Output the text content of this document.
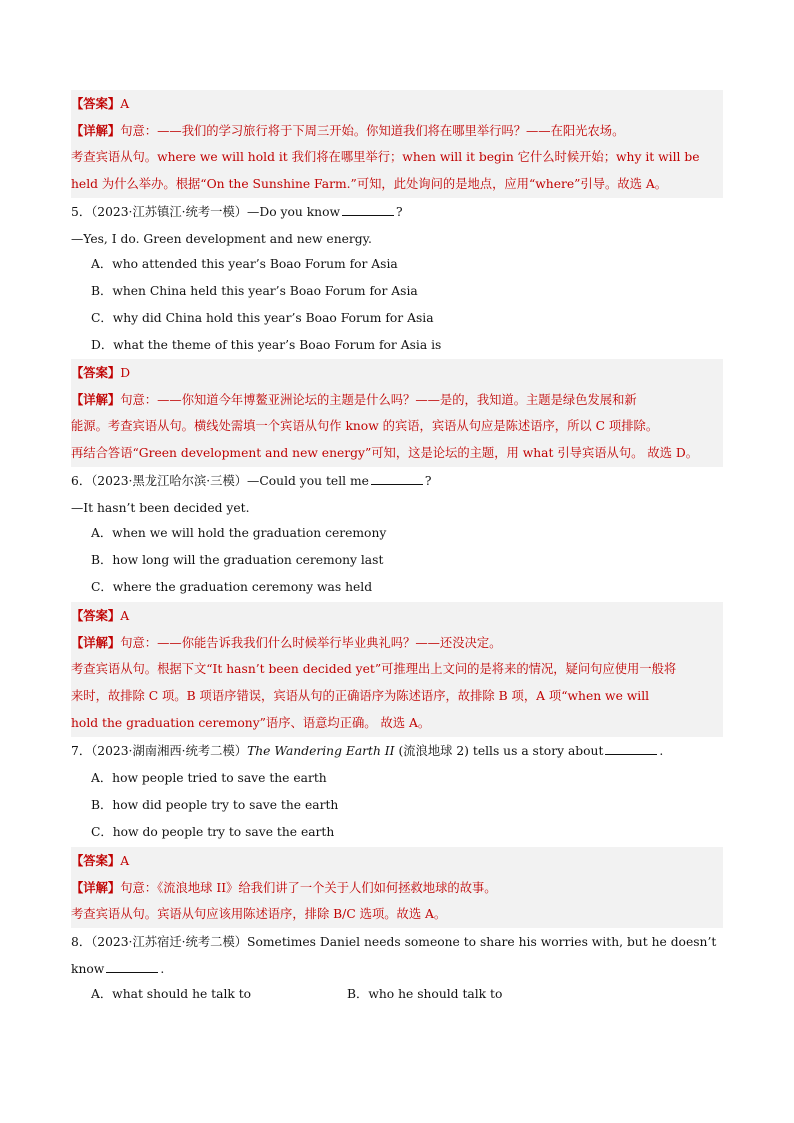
【答案】A
【详解】句意：——我们的学习旅行将于下周三开始。你知道我们将在哪里举行吗？——在阳光农场。
考查宾语从句。where we will hold it 我们将在哪里举行；when will it begin 它什么时候开始；why it will be
held 为什么举办。根据“On the Sunshine Farm.”可知，此处询问的是地点，应用“where”引导。故选 A。
5．（2023·江苏镇江·统考一模）—Do you know	?
—Yes, I do. Green development and new energy.
A．who attended this year’s Boao Forum for Asia
B．when China held this year’s Boao Forum for Asia
C．why did China hold this year’s Boao Forum for Asia
D．what the theme of this year’s Boao Forum for Asia is
【答案】D
【详解】句意：——你知道今年博鳌亚洲论坛的主题是什么吗？——是的，我知道。主题是绿色发展和新
能源。考查宾语从句。横线处需填一个宾语从句作 know 的宾语，宾语从句应是陈述语序，所以 C 项排除。
再结合答语“Green development and new energy”可知，这是论坛的主题，用 what 引导宾语从句。 故选 D。
6．（2023·黑龙江哈尔滨·三模）—Could you tell me	?
—It hasn’t been decided yet.
A．when we will hold the graduation ceremony
B．how long will the graduation ceremony last
C．where the graduation ceremony was held
【答案】A
【详解】句意：——你能告诉我我们什么时候举行毕业典礼吗？——还没决定。
考查宾语从句。根据下文“It hasn’t been decided yet”可推理出上文问的是将来的情况，疑问句应使用一般将
来时，故排除 C 项。B 项语序错误，宾语从句的正确语序为陈述语序，故排除 B 项，A 项“when we will
hold the graduation ceremony”语序、语意均正确。 故选 A。
7．（2023·湖南湘西·统考二模）The Wandering Earth II (流浪地球 2) tells us a story about	.
A．how people tried to save the earth
B．how did people try to save the earth
C．how do people try to save the earth
【答案】A
【详解】句意：《流浪地球 II》给我们讲了一个关于人们如何拯救地球的故事。
考查宾语从句。宾语从句应该用陈述语序，排除 B/C 选项。故选 A。
8．（2023·江苏宿迁·统考二模）Sometimes Daniel needs someone to share his worries with, but he doesn’t
know	.
A．what should he talk to	B．who he should talk to
